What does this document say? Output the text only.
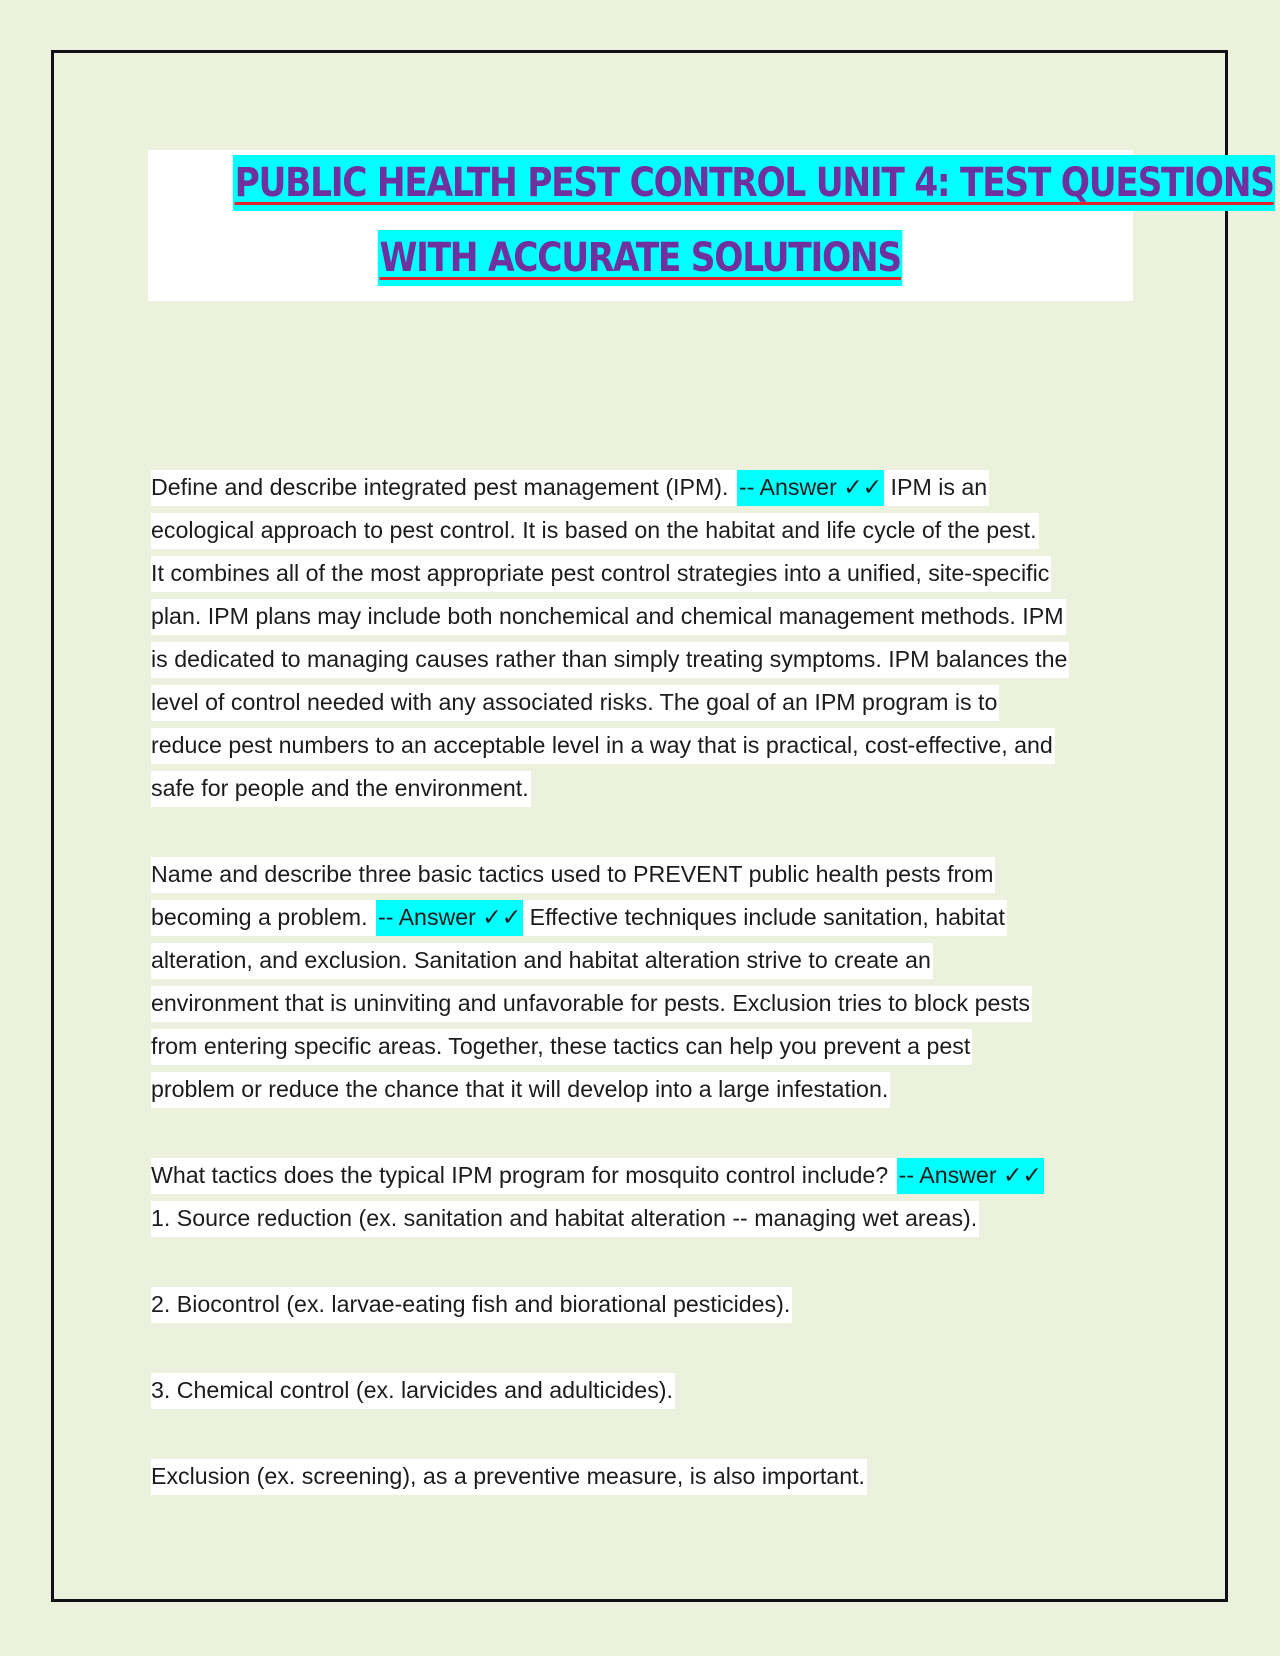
PUBLIC HEALTH PEST CONTROL UNIT 4: TEST QUESTIONS
WITH ACCURATE SOLUTIONS
Define and describe integrated pest management (IPM). -- Answer ✓✓ IPM is an
ecological approach to pest control. It is based on the habitat and life cycle of the pest.
It combines all of the most appropriate pest control strategies into a unified, site-specific
plan. IPM plans may include both nonchemical and chemical management methods. IPM
is dedicated to managing causes rather than simply treating symptoms. IPM balances the
level of control needed with any associated risks. The goal of an IPM program is to
reduce pest numbers to an acceptable level in a way that is practical, cost-effective, and
safe for people and the environment.
Name and describe three basic tactics used to PREVENT public health pests from
becoming a problem. -- Answer ✓✓ Effective techniques include sanitation, habitat
alteration, and exclusion. Sanitation and habitat alteration strive to create an
environment that is uninviting and unfavorable for pests. Exclusion tries to block pests
from entering specific areas. Together, these tactics can help you prevent a pest
problem or reduce the chance that it will develop into a large infestation.
What tactics does the typical IPM program for mosquito control include? -- Answer ✓✓
1. Source reduction (ex. sanitation and habitat alteration -- managing wet areas).
2. Biocontrol (ex. larvae-eating fish and biorational pesticides).
3. Chemical control (ex. larvicides and adulticides).
Exclusion (ex. screening), as a preventive measure, is also important.
